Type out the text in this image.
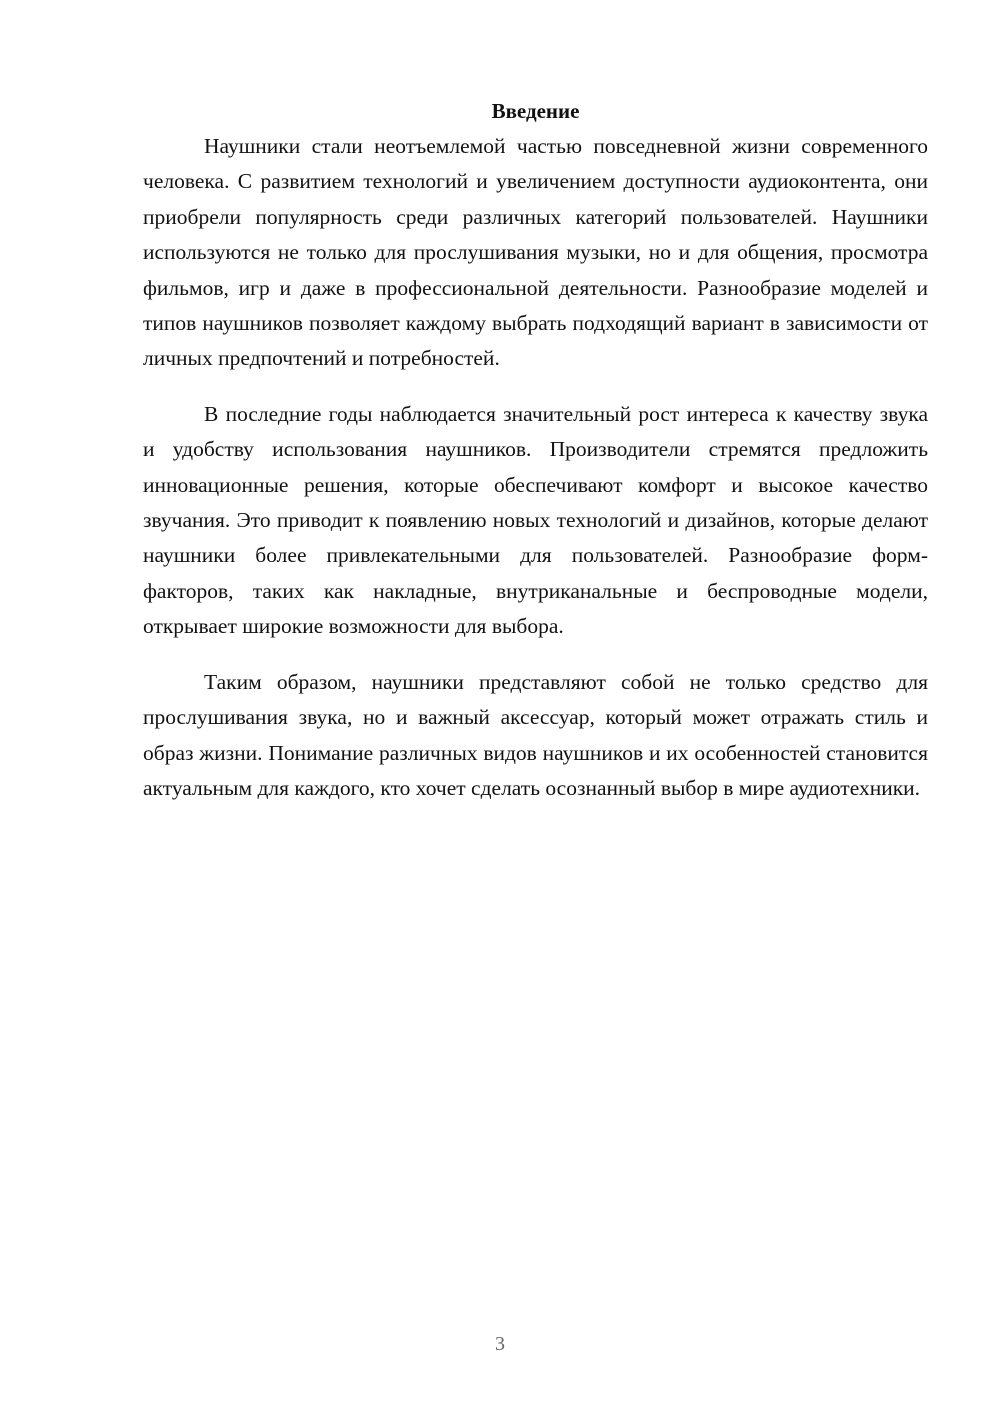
Введение

Наушники стали неотъемлемой частью повседневной жизни современного человека. С развитием технологий и увеличением доступности аудиоконтента, они приобрели популярность среди различных категорий пользователей. Наушники используются не только для прослушивания музыки, но и для общения, просмотра фильмов, игр и даже в профессиональной деятельности. Разнообразие моделей и типов наушников позволяет каждому выбрать подходящий вариант в зависимости от личных предпочтений и потребностей.

В последние годы наблюдается значительный рост интереса к качеству звука и удобству использования наушников. Производители стремятся предложить инновационные решения, которые обеспечивают комфорт и высокое качество звучания. Это приводит к появлению новых технологий и дизайнов, которые делают наушники более привлекательными для пользователей. Разнообразие форм-факторов, таких как накладные, внутриканальные и беспроводные модели, открывает широкие возможности для выбора.

Таким образом, наушники представляют собой не только средство для прослушивания звука, но и важный аксессуар, который может отражать стиль и образ жизни. Понимание различных видов наушников и их особенностей становится актуальным для каждого, кто хочет сделать осознанный выбор в мире аудиотехники.

3
